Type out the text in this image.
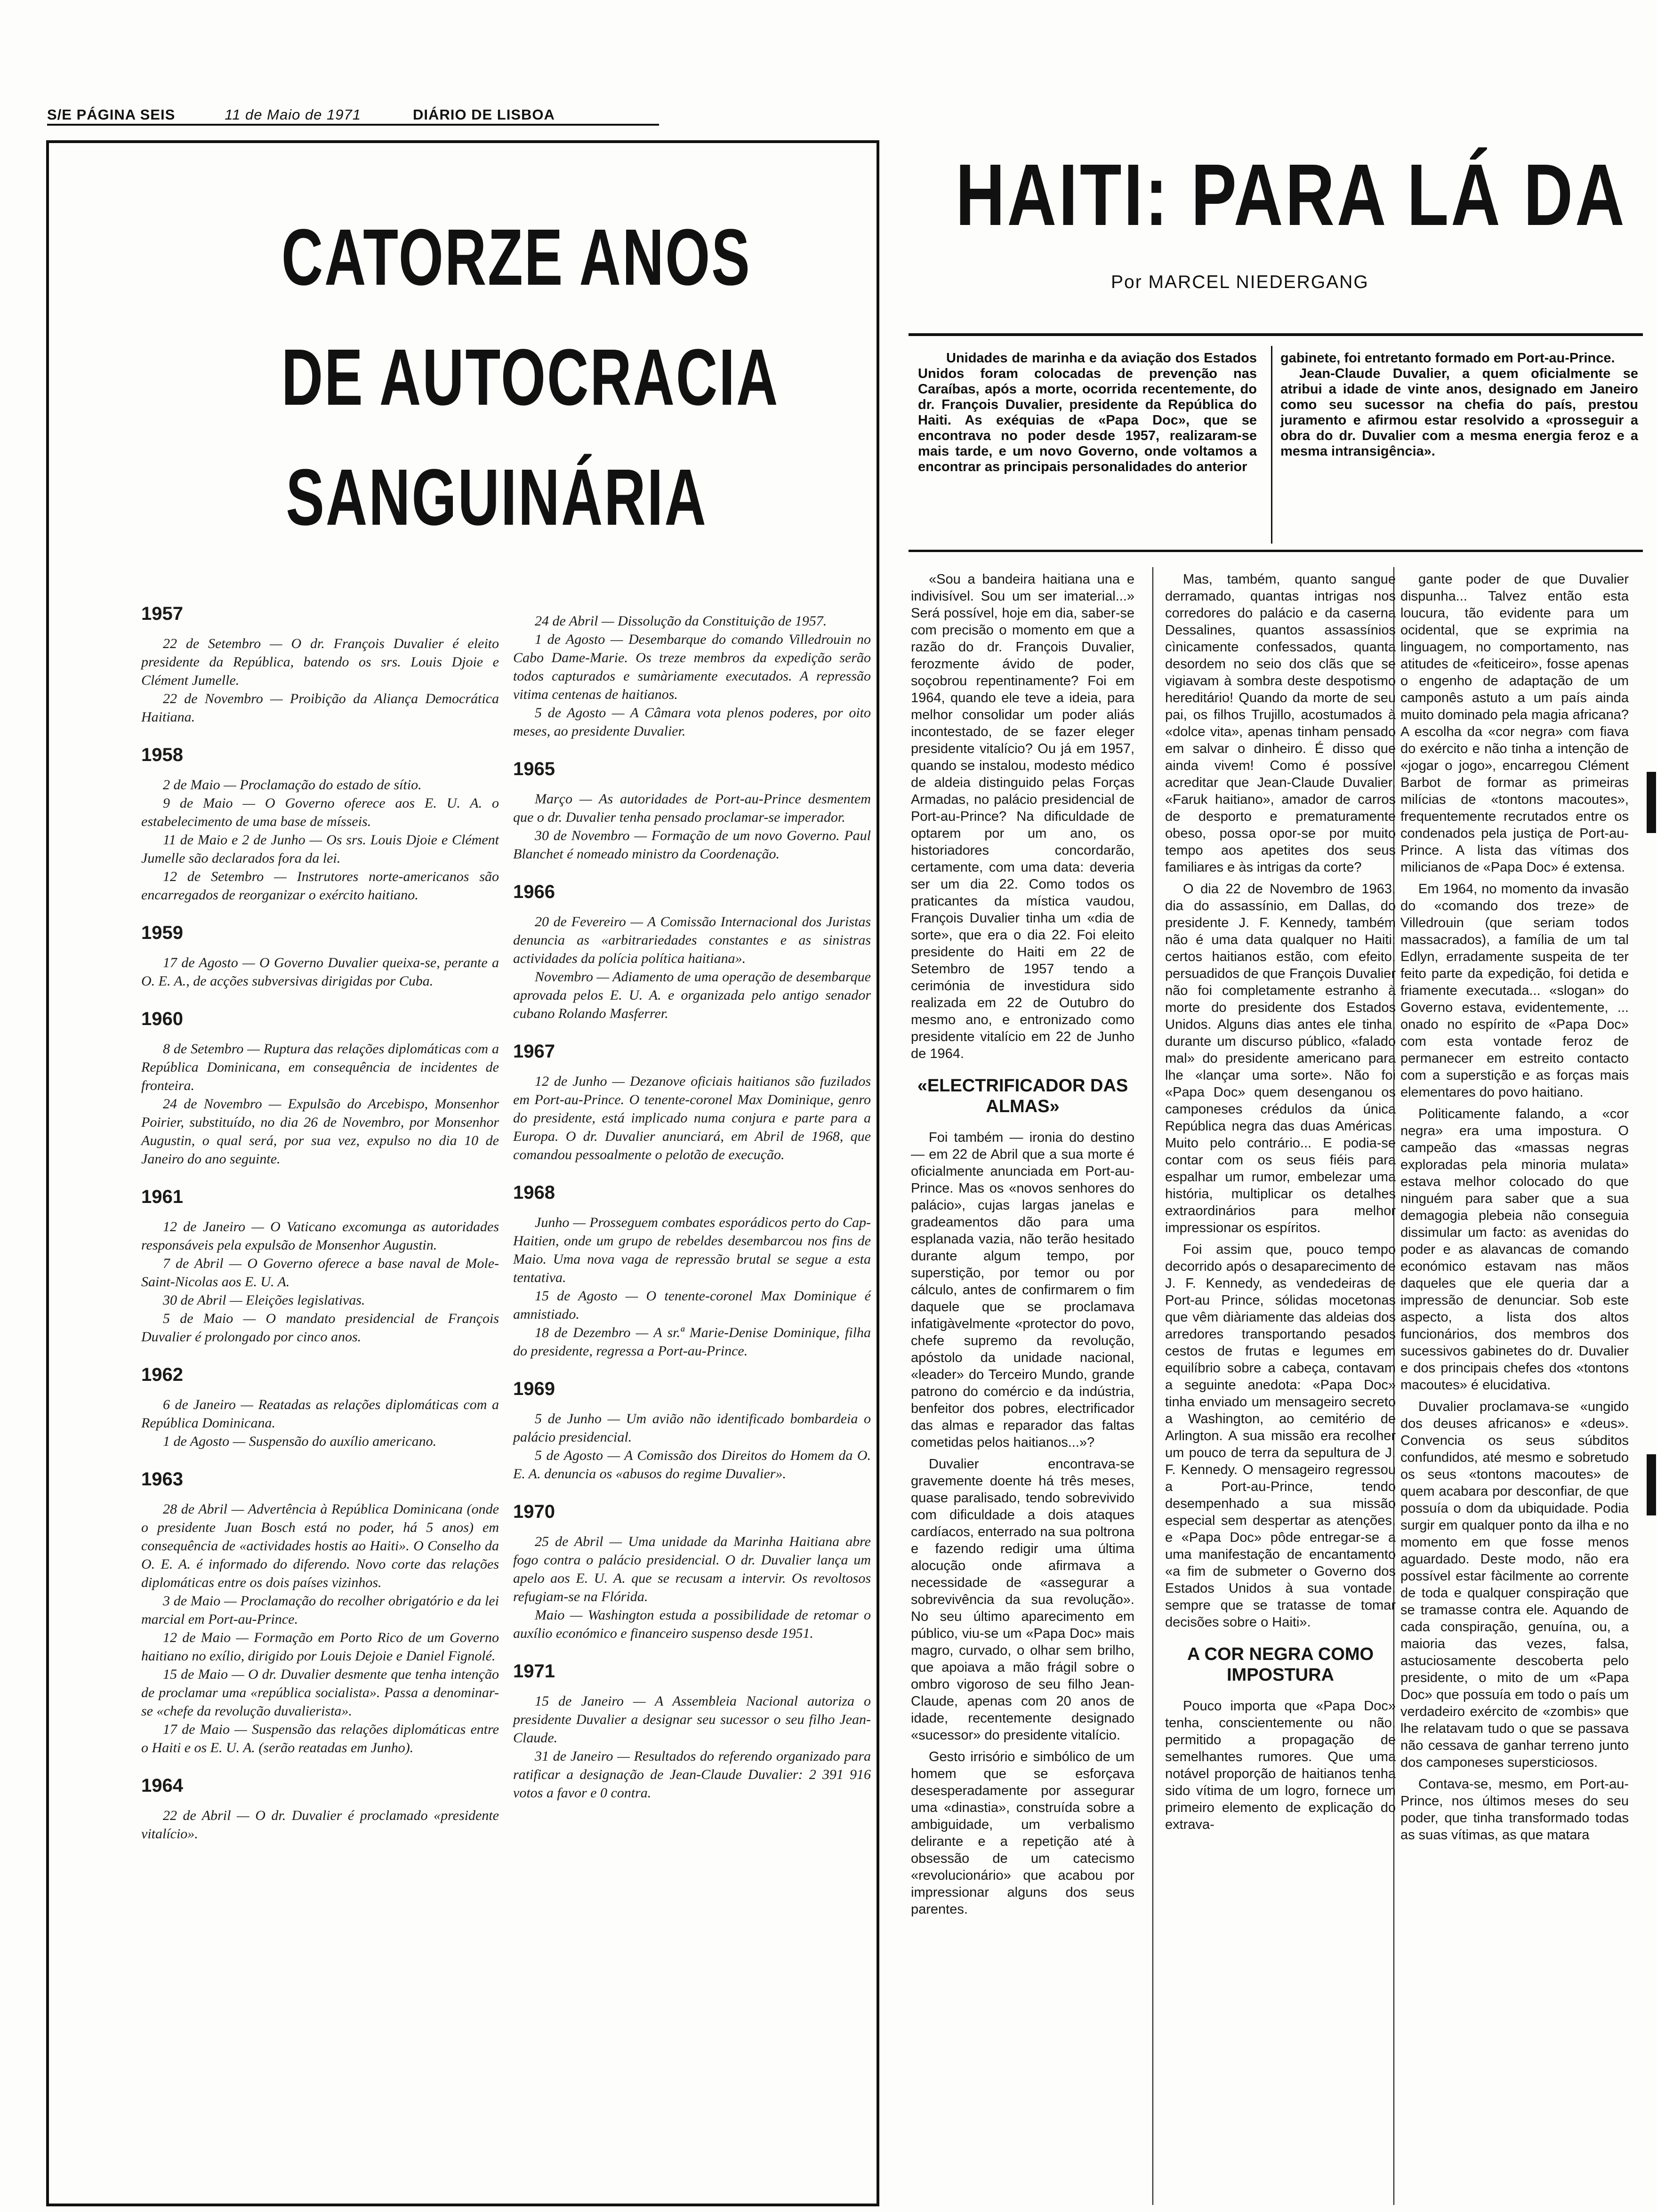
S/E PÁGINA SEIS	11 de Maio de 1971	DIÁRIO DE LISBOA
CATORZE ANOS
DE AUTOCRACIA
SANGUINÁRIA
1957

22 de Setembro — O dr. François Duvalier é eleito presidente da República, batendo os srs. Louis Djoie e Clément Jumelle.

22 de Novembro — Proibição da Aliança Democrática Haitiana.

1958

2 de Maio — Proclamação do estado de sítio.

9 de Maio — O Governo oferece aos E. U. A. o estabelecimento de uma base de mísseis.

11 de Maio e 2 de Junho — Os srs. Louis Djoie e Clément Jumelle são declarados fora da lei.

12 de Setembro — Instrutores norte-americanos são encarregados de reorganizar o exército haitiano.

1959

17 de Agosto — O Governo Duvalier queixa-se, perante a O. E. A., de acções subversivas dirigidas por Cuba.

1960

8 de Setembro — Ruptura das relações diplomáticas com a República Dominicana, em consequência de incidentes de fronteira.

24 de Novembro — Expulsão do Arcebispo, Monsenhor Poirier, substituído, no dia 26 de Novembro, por Monsenhor Augustin, o qual será, por sua vez, expulso no dia 10 de Janeiro do ano seguinte.

1961

12 de Janeiro — O Vaticano excomunga as autoridades responsáveis pela expulsão de Monsenhor Augustin.

7 de Abril — O Governo oferece a base naval de Mole-Saint-Nicolas aos E. U. A.

30 de Abril — Eleições legislativas.

5 de Maio — O mandato presidencial de François Duvalier é prolongado por cinco anos.

1962

6 de Janeiro — Reatadas as relações diplomáticas com a República Dominicana.

1 de Agosto — Suspensão do auxílio americano.

1963

28 de Abril — Advertência à República Dominicana (onde o presidente Juan Bosch está no poder, há 5 anos) em consequência de «actividades hostis ao Haiti». O Conselho da O. E. A. é informado do diferendo. Novo corte das relações diplomáticas entre os dois países vizinhos.

3 de Maio — Proclamação do recolher obrigatório e da lei marcial em Port-au-Prince.

12 de Maio — Formação em Porto Rico de um Governo haitiano no exílio, dirigido por Louis Dejoie e Daniel Fignolé.

15 de Maio — O dr. Duvalier desmente que tenha intenção de proclamar uma «república socialista». Passa a denominar-se «chefe da revolução duvalierista».

17 de Maio — Suspensão das relações diplomáticas entre o Haiti e os E. U. A. (serão reatadas em Junho).

1964

22 de Abril — O dr. Duvalier é proclamado «presidente vitalício».

24 de Abril — Dissolução da Constituição de 1957.

1 de Agosto — Desembarque do comando Villedrouin no Cabo Dame-Marie. Os treze membros da expedição serão todos capturados e sumàriamente executados. A repressão vitima centenas de haitianos.

5 de Agosto — A Câmara vota plenos poderes, por oito meses, ao presidente Duvalier.

1965

Março — As autoridades de Port-au-Prince desmentem que o dr. Duvalier tenha pensado proclamar-se imperador.

30 de Novembro — Formação de um novo Governo. Paul Blanchet é nomeado ministro da Coordenação.

1966

20 de Fevereiro — A Comissão Internacional dos Juristas denuncia as «arbitrariedades constantes e as sinistras actividades da polícia política haitiana».

Novembro — Adiamento de uma operação de desembarque aprovada pelos E. U. A. e organizada pelo antigo senador cubano Rolando Masferrer.

1967

12 de Junho — Dezanove oficiais haitianos são fuzilados em Port-au-Prince. O tenente-coronel Max Dominique, genro do presidente, está implicado numa conjura e parte para a Europa. O dr. Duvalier anunciará, em Abril de 1968, que comandou pessoalmente o pelotão de execução.

1968

Junho — Prosseguem combates esporádicos perto do Cap-Haitien, onde um grupo de rebeldes desembarcou nos fins de Maio. Uma nova vaga de repressão brutal se segue a esta tentativa.

15 de Agosto — O tenente-coronel Max Dominique é amnistiado.

18 de Dezembro — A sr.ª Marie-Denise Dominique, filha do presidente, regressa a Port-au-Prince.

1969

5 de Junho — Um avião não identificado bombardeia o palácio presidencial.

5 de Agosto — A Comissão dos Direitos do Homem da O. E. A. denuncia os «abusos do regime Duvalier».

1970

25 de Abril — Uma unidade da Marinha Haitiana abre fogo contra o palácio presidencial. O dr. Duvalier lança um apelo aos E. U. A. que se recusam a intervir. Os revoltosos refugiam-se na Flórida.

Maio — Washington estuda a possibilidade de retomar o auxílio económico e financeiro suspenso desde 1951.

1971

15 de Janeiro — A Assembleia Nacional autoriza o presidente Duvalier a designar seu sucessor o seu filho Jean-Claude.

31 de Janeiro — Resultados do referendo organizado para ratificar a designação de Jean-Claude Duvalier: 2 391 916 votos a favor e 0 contra.

HAITI: PARA LÁ DA
Por MARCEL NIEDERGANG
Unidades de marinha e da aviação dos Estados Unidos foram colocadas de prevenção nas Caraíbas, após a morte, ocorrida recentemente, do dr. François Duvalier, presidente da República do Haiti. As exéquias de «Papa Doc», que se encontrava no poder desde 1957, realizaram-se mais tarde, e um novo Governo, onde voltamos a encontrar as principais personalidades do anterior

gabinete, foi entretanto formado em Port-au-Prince.

Jean-Claude Duvalier, a quem oficialmente se atribui a idade de vinte anos, designado em Janeiro como seu sucessor na chefia do país, prestou juramento e afirmou estar resolvido a «prosseguir a obra do dr. Duvalier com a mesma energia feroz e a mesma intransigência».

«Sou a bandeira haitiana una e indivisível. Sou um ser imaterial...» Será possível, hoje em dia, saber-se com precisão o momento em que a razão do dr. François Duvalier, ferozmente ávido de poder, soçobrou repentinamente? Foi em 1964, quando ele teve a ideia, para melhor consolidar um poder aliás incontestado, de se fazer eleger presidente vitalício? Ou já em 1957, quando se instalou, modesto médico de aldeia distinguido pelas Forças Armadas, no palácio presidencial de Port-au-Prince? Na dificuldade de optarem por um ano, os historiadores concordarão, certamente, com uma data: deveria ser um dia 22. Como todos os praticantes da mística vaudou, François Duvalier tinha um «dia de sorte», que era o dia 22. Foi eleito presidente do Haiti em 22 de Setembro de 1957 tendo a cerimónia de investidura sido realizada em 22 de Outubro do mesmo ano, e entronizado como presidente vitalício em 22 de Junho de 1964.

«ELECTRIFICADOR DAS ALMAS»

Foi também — ironia do destino — em 22 de Abril que a sua morte é oficialmente anunciada em Port-au-Prince. Mas os «novos senhores do palácio», cujas largas janelas e gradeamentos dão para uma esplanada vazia, não terão hesitado durante algum tempo, por superstição, por temor ou por cálculo, antes de confirmarem o fim daquele que se proclamava infatigàvelmente «protector do povo, chefe supremo da revolução, apóstolo da unidade nacional, «leader» do Terceiro Mundo, grande patrono do comércio e da indústria, benfeitor dos pobres, electrificador das almas e reparador das faltas cometidas pelos haitianos...»?

Duvalier encontrava-se gravemente doente há três meses, quase paralisado, tendo sobrevivido com dificuldade a dois ataques cardíacos, enterrado na sua poltrona e fazendo redigir uma última alocução onde afirmava a necessidade de «assegurar a sobrevivência da sua revolução». No seu último aparecimento em público, viu-se um «Papa Doc» mais magro, curvado, o olhar sem brilho, que apoiava a mão frágil sobre o ombro vigoroso de seu filho Jean-Claude, apenas com 20 anos de idade, recentemente designado «sucessor» do presidente vitalício.

Gesto irrisório e simbólico de um homem que se esforçava desesperadamente por assegurar uma «dinastia», construída sobre a ambiguidade, um verbalismo delirante e a repetição até à obsessão de um catecismo «revolucionário» que acabou por impressionar alguns dos seus parentes.

Mas, também, quanto sangue derramado, quantas intrigas nos corredores do palácio e da caserna Dessalines, quantos assassínios cìnicamente confessados, quanta desordem no seio dos clãs que se vigiavam à sombra deste despotismo hereditário! Quando da morte de seu pai, os filhos Trujillo, acostumados à «dolce vita», apenas tinham pensado em salvar o dinheiro. É disso que ainda vivem! Como é possível acreditar que Jean-Claude Duvalier, «Faruk haitiano», amador de carros de desporto e prematuramente obeso, possa opor-se por muito tempo aos apetites dos seus familiares e às intrigas da corte?

O dia 22 de Novembro de 1963, dia do assassínio, em Dallas, do presidente J. F. Kennedy, também não é uma data qualquer no Haiti: certos haitianos estão, com efeito, persuadidos de que François Duvalier não foi completamente estranho à morte do presidente dos Estados Unidos. Alguns dias antes ele tinha, durante um discurso público, «falado mal» do presidente americano para lhe «lançar uma sorte». Não foi «Papa Doc» quem desenganou os camponeses crédulos da única República negra das duas Américas. Muito pelo contrário... E podia-se contar com os seus fiéis para espalhar um rumor, embelezar uma história, multiplicar os detalhes extraordinários para melhor impressionar os espíritos.

Foi assim que, pouco tempo decorrido após o desaparecimento de J. F. Kennedy, as vendedeiras de Port-au Prince, sólidas mocetonas que vêm diàriamente das aldeias dos arredores transportando pesados cestos de frutas e legumes em equilíbrio sobre a cabeça, contavam a seguinte anedota: «Papa Doc» tinha enviado um mensageiro secreto a Washington, ao cemitério de Arlington. A sua missão era recolher um pouco de terra da sepultura de J. F. Kennedy. O mensageiro regressou a Port-au-Prince, tendo desempenhado a sua missão especial sem despertar as atenções, e «Papa Doc» pôde entregar-se a uma manifestação de encantamento «a fim de submeter o Governo dos Estados Unidos à sua vontade, sempre que se tratasse de tomar decisões sobre o Haiti».

A COR NEGRA COMO IMPOSTURA

Pouco importa que «Papa Doc» tenha, conscientemente ou não, permitido a propagação de semelhantes rumores. Que uma notável proporção de haitianos tenha sido vítima de um logro, fornece um primeiro elemento de explicação do extrava-

gante poder de que Duvalier dispunha... Talvez então esta loucura, tão evidente para um ocidental, que se exprimia na linguagem, no comportamento, nas atitudes de «feiticeiro», fosse apenas o engenho de adaptação de um camponês astuto a um país ainda muito dominado pela magia africana? A escolha da «cor negra» com fiava do exército e não tinha a intenção de «jogar o jogo», encarregou Clément Barbot de formar as primeiras milícias de «tontons macoutes», frequentemente recrutados entre os condenados pela justiça de Port-au-Prince. A lista das vítimas dos milicianos de «Papa Doc» é extensa.

Em 1964, no momento da invasão do «comando dos treze» de Villedrouin (que seriam todos massacrados), a família de um tal Edlyn, erradamente suspeita de ter feito parte da expedição, foi detida e friamente executada... «slogan» do Governo estava, evidentemente, ... onado no espírito de «Papa Doc» com esta vontade feroz de permanecer em estreito contacto com a superstição e as forças mais elementares do povo haitiano.

Politicamente falando, a «cor negra» era uma impostura. O campeão das «massas negras exploradas pela minoria mulata» estava melhor colocado do que ninguém para saber que a sua demagogia plebeia não conseguia dissimular um facto: as avenidas do poder e as alavancas de comando económico estavam nas mãos daqueles que ele queria dar a impressão de denunciar. Sob este aspecto, a lista dos altos funcionários, dos membros dos sucessivos gabinetes do dr. Duvalier e dos principais chefes dos «tontons macoutes» é elucidativa.

Duvalier proclamava-se «ungido dos deuses africanos» e «deus». Convencia os seus súbditos confundidos, até mesmo e sobretudo os seus «tontons macoutes» de quem acabara por desconfiar, de que possuía o dom da ubiquidade. Podia surgir em qualquer ponto da ilha e no momento em que fosse menos aguardado. Deste modo, não era possível estar fàcilmente ao corrente de toda e qualquer conspiração que se tramasse contra ele. Aquando de cada conspiração, genuína, ou, a maioria das vezes, falsa, astuciosamente descoberta pelo presidente, o mito de um «Papa Doc» que possuía em todo o país um verdadeiro exército de «zombis» que lhe relatavam tudo o que se passava não cessava de ganhar terreno junto dos camponeses supersticiosos.

Contava-se, mesmo, em Port-au-Prince, nos últimos meses do seu poder, que tinha transformado todas as suas vítimas, as que matara
